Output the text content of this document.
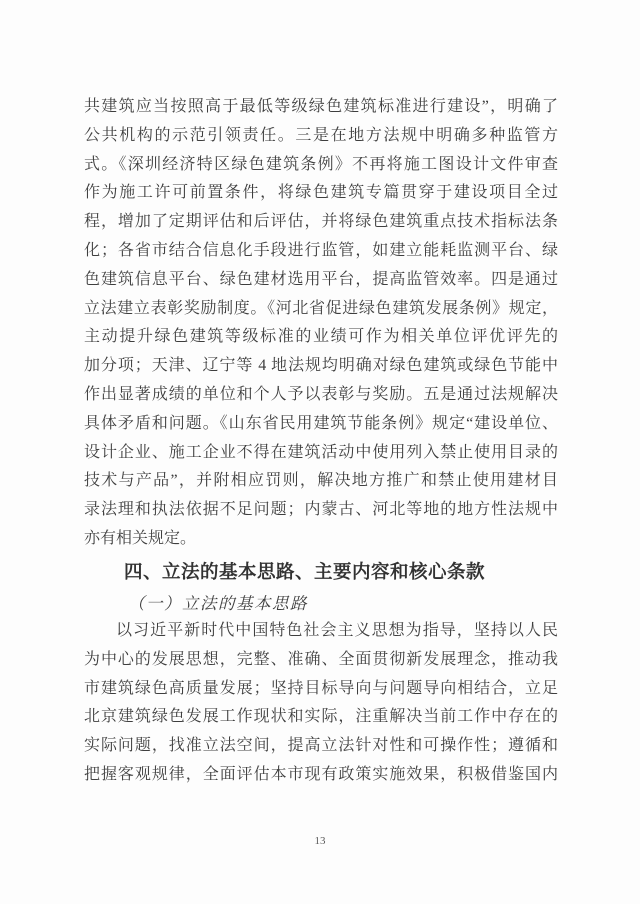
共建筑应当按照高于最低等级绿色建筑标准进行建设”，明确了
公共机构的示范引领责任。三是在地方法规中明确多种监管方
式。《深圳经济特区绿色建筑条例》不再将施工图设计文件审查
作为施工许可前置条件，将绿色建筑专篇贯穿于建设项目全过
程，增加了定期评估和后评估，并将绿色建筑重点技术指标法条
化；各省市结合信息化手段进行监管，如建立能耗监测平台、绿
色建筑信息平台、绿色建材选用平台，提高监管效率。四是通过
立法建立表彰奖励制度。《河北省促进绿色建筑发展条例》规定，
主动提升绿色建筑等级标准的业绩可作为相关单位评优评先的
加分项；天津、辽宁等 4 地法规均明确对绿色建筑或绿色节能中
作出显著成绩的单位和个人予以表彰与奖励。五是通过法规解决
具体矛盾和问题。《山东省民用建筑节能条例》规定“建设单位、
设计企业、施工企业不得在建筑活动中使用列入禁止使用目录的
技术与产品”，并附相应罚则，解决地方推广和禁止使用建材目
录法理和执法依据不足问题；内蒙古、河北等地的地方性法规中
亦有相关规定。
四、立法的基本思路、主要内容和核心条款
（一）立法的基本思路
以习近平新时代中国特色社会主义思想为指导，坚持以人民
为中心的发展思想，完整、准确、全面贯彻新发展理念，推动我
市建筑绿色高质量发展；坚持目标导向与问题导向相结合，立足
北京建筑绿色发展工作现状和实际，注重解决当前工作中存在的
实际问题，找准立法空间，提高立法针对性和可操作性；遵循和
把握客观规律，全面评估本市现有政策实施效果，积极借鉴国内
13
